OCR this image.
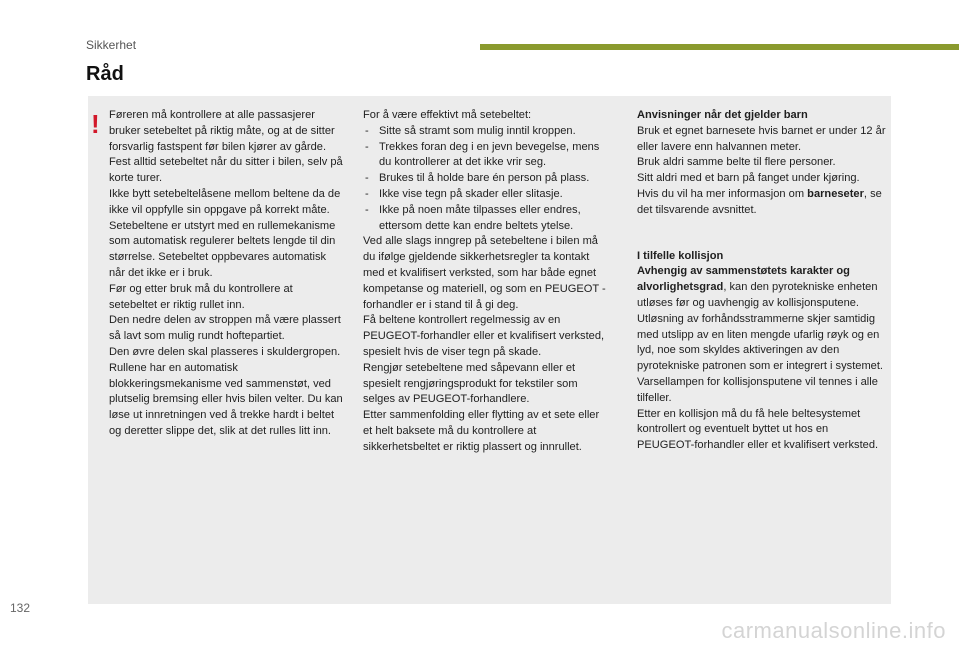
Sikkerhet
Råd
! Føreren må kontrollere at alle passasjerer bruker setebeltet på riktig måte, og at de sitter forsvarlig fastspent før bilen kjører av gårde.

Fest alltid setebeltet når du sitter i bilen, selv på korte turer.

Ikke bytt setebeltelåsene mellom beltene da de ikke vil oppfylle sin oppgave på korrekt måte.

Setebeltene er utstyrt med en rullemekanisme som automatisk regulerer beltets lengde til din størrelse. Setebeltet oppbevares automatisk når det ikke er i bruk.

Før og etter bruk må du kontrollere at setebeltet er riktig rullet inn.

Den nedre delen av stroppen må være plassert så lavt som mulig rundt hoftepartiet.

Den øvre delen skal plasseres i skuldergropen.

Rullene har en automatisk blokkeringsmekanisme ved sammenstøt, ved plutselig bremsing eller hvis bilen velter. Du kan løse ut innretningen ved å trekke hardt i beltet og deretter slippe det, slik at det rulles litt inn.

For å være effektivt må setebeltet:

- Sitte så stramt som mulig inntil kroppen.
- Trekkes foran deg i en jevn bevegelse, mens du kontrollerer at det ikke vrir seg.
- Brukes til å holde bare én person på plass.
- Ikke vise tegn på skader eller slitasje.
- Ikke på noen måte tilpasses eller endres, ettersom dette kan endre beltets ytelse.

Ved alle slags inngrep på setebeltene i bilen må du ifølge gjeldende sikkerhetsregler ta kontakt med et kvalifisert verksted, som har både egnet kompetanse og materiell, og som en PEUGEOT -forhandler er i stand til å gi deg.

Få beltene kontrollert regelmessig av en PEUGEOT-forhandler eller et kvalifisert verksted, spesielt hvis de viser tegn på skade.

Rengjør setebeltene med såpevann eller et spesielt rengjøringsprodukt for tekstiler som selges av PEUGEOT-forhandlere.

Etter sammenfolding eller flytting av et sete eller et helt baksete må du kontrollere at sikkerhetsbeltet er riktig plassert og innrullet.

Anvisninger når det gjelder barn

Bruk et egnet barnesete hvis barnet er under 12 år eller lavere enn halvannen meter.

Bruk aldri samme belte til flere personer.

Sitt aldri med et barn på fanget under kjøring.

Hvis du vil ha mer informasjon om barneseter, se det tilsvarende avsnittet.

I tilfelle kollisjon

Avhengig av sammenstøtets karakter og alvorlighetsgrad, kan den pyrotekniske enheten utløses før og uavhengig av kollisjonsputene. Utløsning av forhåndsstrammerne skjer samtidig med utslipp av en liten mengde ufarlig røyk og en lyd, noe som skyldes aktiveringen av den pyrotekniske patronen som er integrert i systemet.

Varsellampen for kollisjonsputene vil tennes i alle tilfeller.

Etter en kollisjon må du få hele beltesystemet kontrollert og eventuelt byttet ut hos en PEUGEOT-forhandler eller et kvalifisert verksted.

132
carmanualsonline.info
